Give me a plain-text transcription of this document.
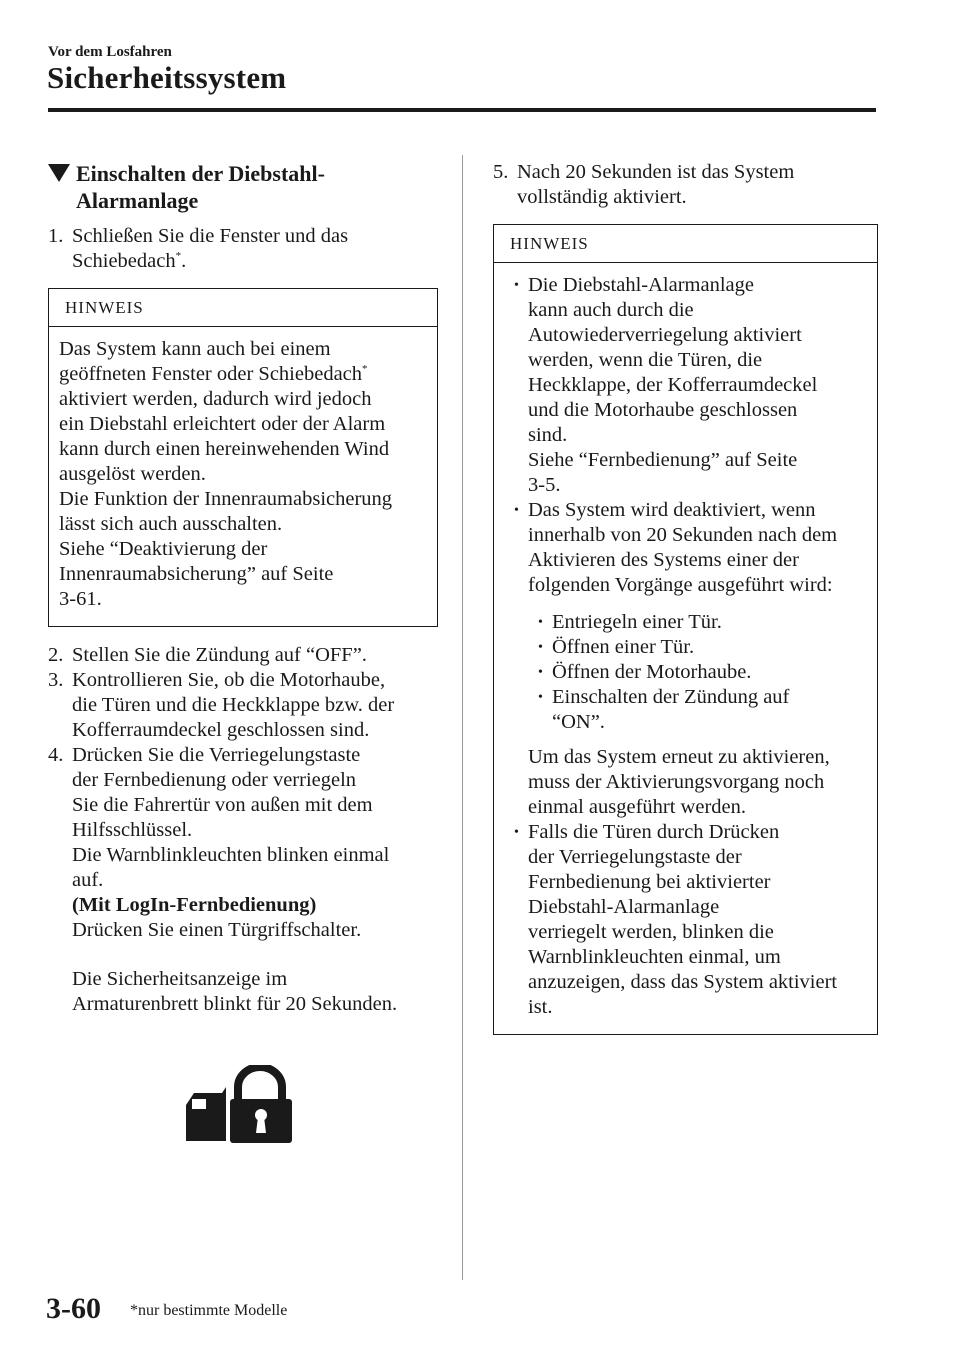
Vor dem Losfahren
Sicherheitssystem
Einschalten der Diebstahl-
Alarmanlage
1. Schließen Sie die Fenster und das
Schiebedach*.
HINWEIS
Das System kann auch bei einem
geöffneten Fenster oder Schiebedach*
aktiviert werden, dadurch wird jedoch
ein Diebstahl erleichtert oder der Alarm
kann durch einen hereinwehenden Wind
ausgelöst werden.
Die Funktion der Innenraumabsicherung
lässt sich auch ausschalten.
Siehe “Deaktivierung der
Innenraumabsicherung” auf Seite
3-61.
2. Stellen Sie die Zündung auf “OFF”.
3. Kontrollieren Sie, ob die Motorhaube,
die Türen und die Heckklappe bzw. der
Kofferraumdeckel geschlossen sind.
4. Drücken Sie die Verriegelungstaste
der Fernbedienung oder verriegeln
Sie die Fahrertür von außen mit dem
Hilfsschlüssel.
Die Warnblinkleuchten blinken einmal
auf.
(Mit LogIn-Fernbedienung)
Drücken Sie einen Türgriffschalter.
Die Sicherheitsanzeige im
Armaturenbrett blinkt für 20 Sekunden.
5. Nach 20 Sekunden ist das System
vollständig aktiviert.
HINWEIS
• Die Diebstahl-Alarmanlage
kann auch durch die
Autowiederverriegelung aktiviert
werden, wenn die Türen, die
Heckklappe, der Kofferraumdeckel
und die Motorhaube geschlossen
sind.
Siehe “Fernbedienung” auf Seite
3-5.
• Das System wird deaktiviert, wenn
innerhalb von 20 Sekunden nach dem
Aktivieren des Systems einer der
folgenden Vorgänge ausgeführt wird:
• Entriegeln einer Tür.
• Öffnen einer Tür.
• Öffnen der Motorhaube.
• Einschalten der Zündung auf
“ON”.
Um das System erneut zu aktivieren,
muss der Aktivierungsvorgang noch
einmal ausgeführt werden.
• Falls die Türen durch Drücken
der Verriegelungstaste der
Fernbedienung bei aktivierter
Diebstahl-Alarmanlage
verriegelt werden, blinken die
Warnblinkleuchten einmal, um
anzuzeigen, dass das System aktiviert
ist.
3-60 *nur bestimmte Modelle
